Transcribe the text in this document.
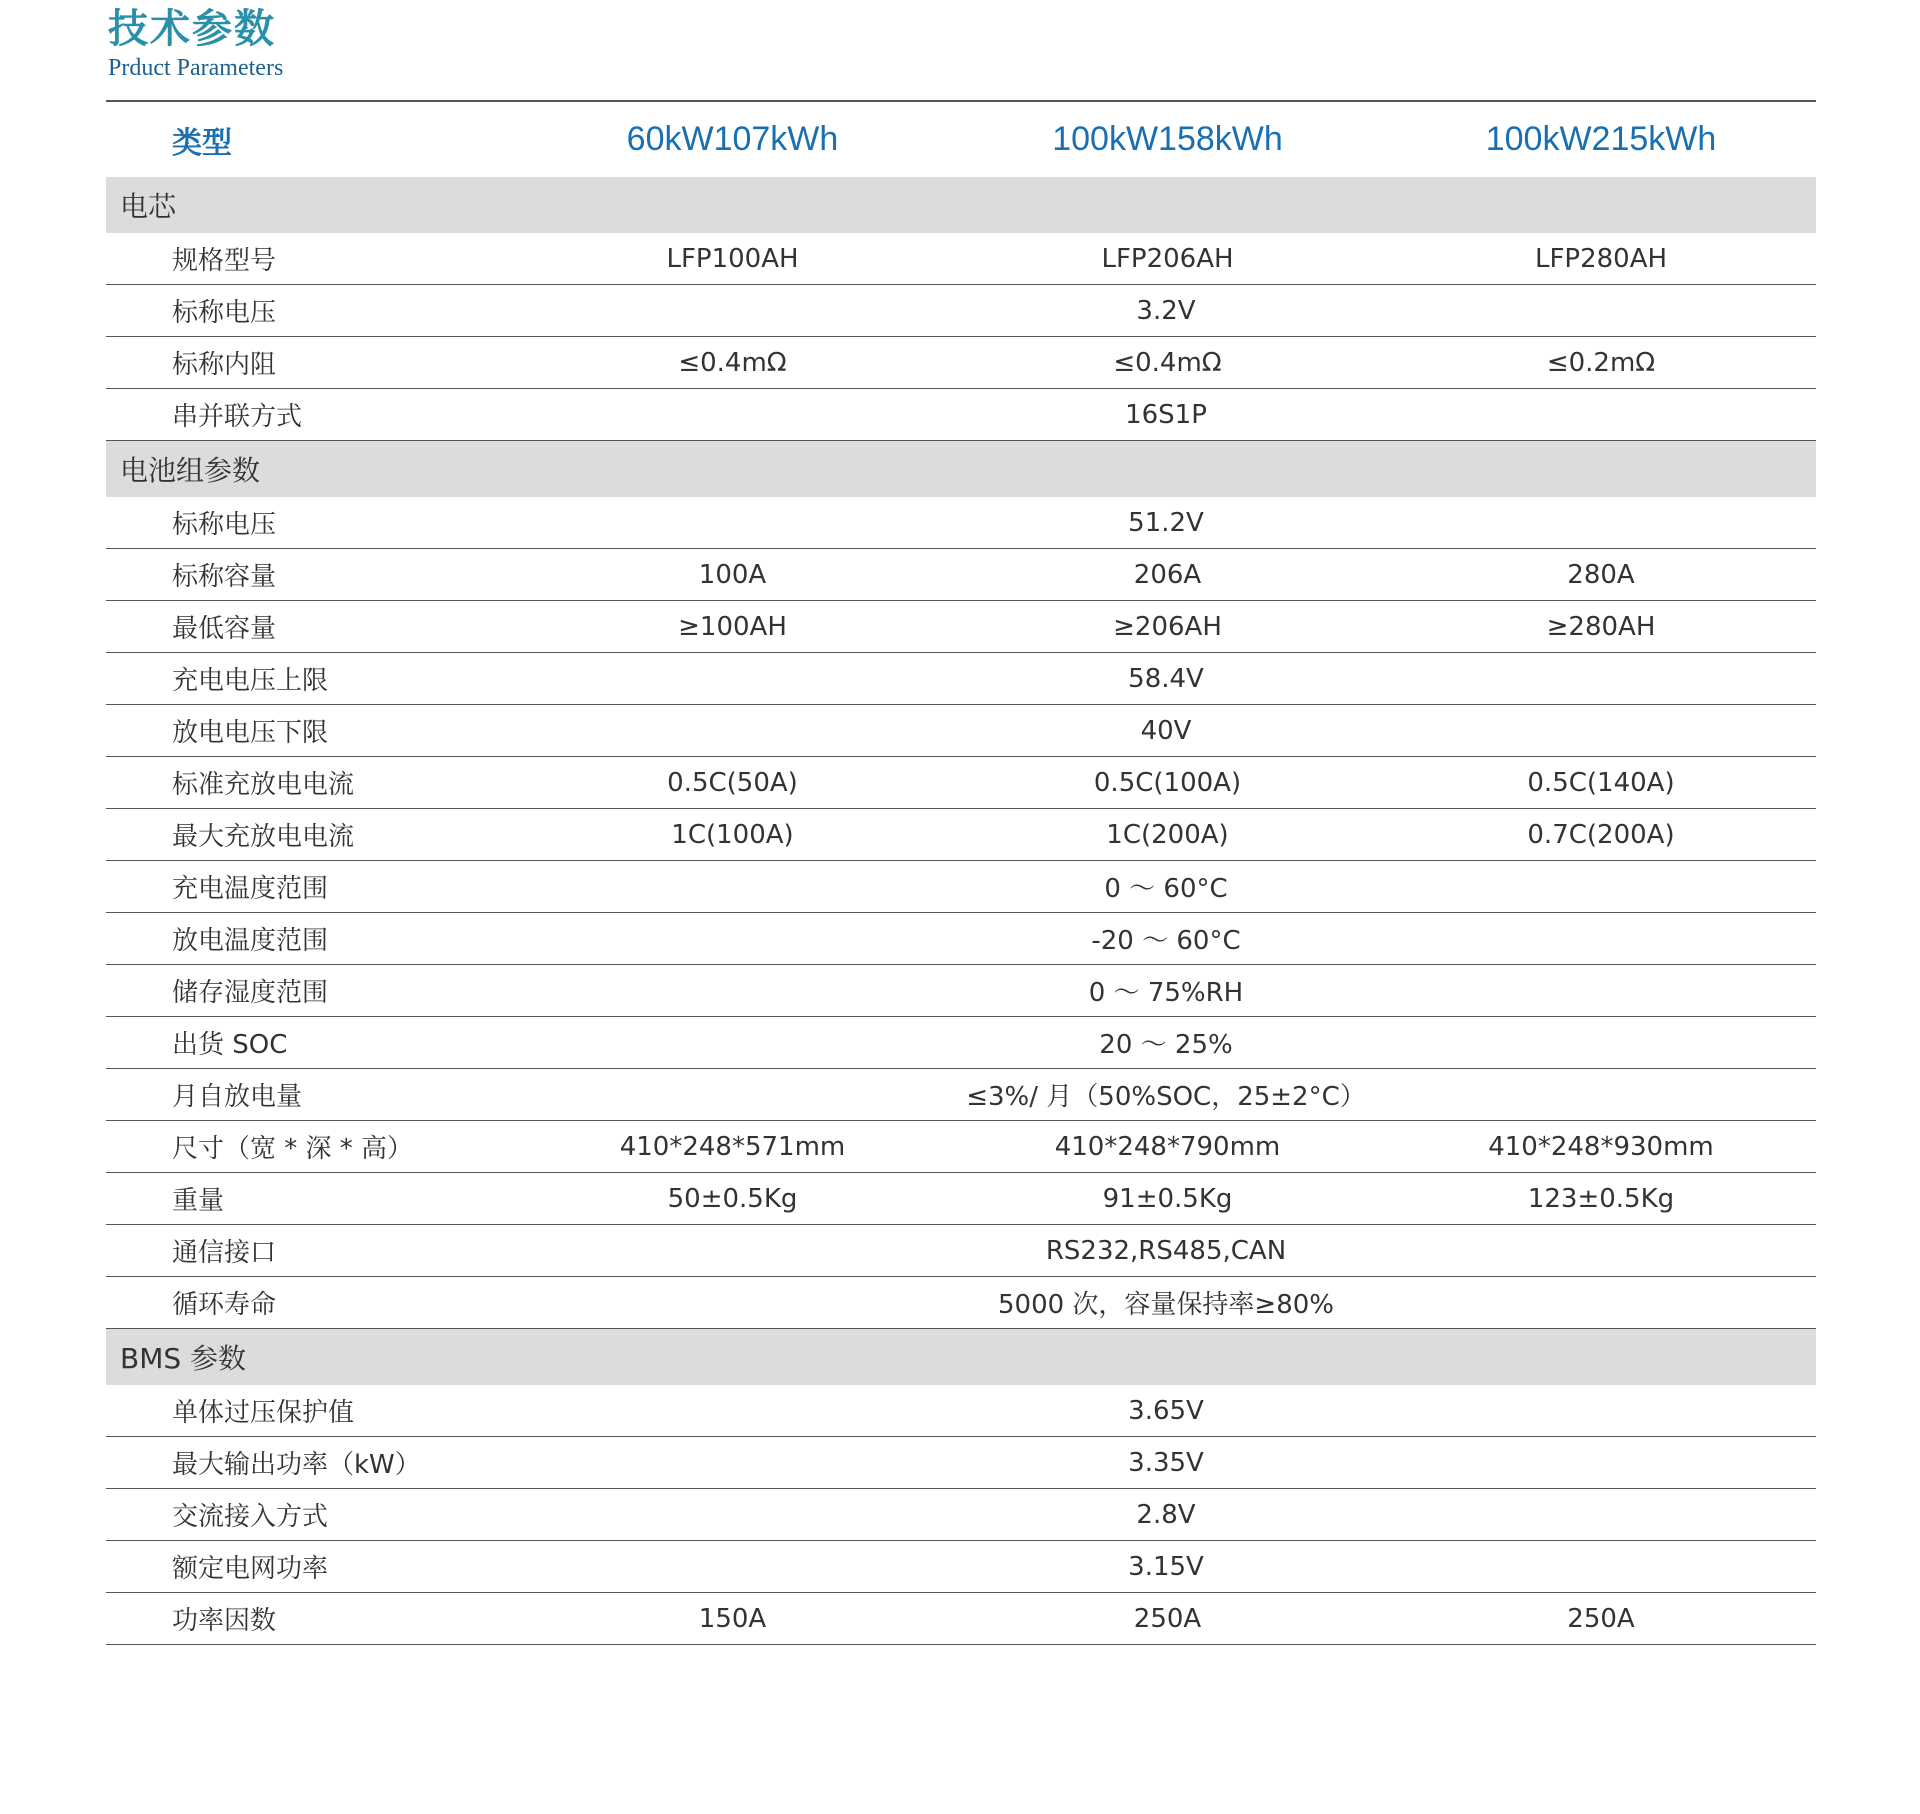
技术参数
Prduct Parameters
类型	60kW107kWh	100kW158kWh	100kW215kWh
电芯			
规格型号	LFP100AH	LFP206AH	LFP280AH
标称电压	3.2V		
标称内阻	≤0.4mΩ	≤0.4mΩ	≤0.2mΩ
串并联方式	16S1P		
电池组参数			
标称电压	51.2V		
标称容量	100A	206A	280A
最低容量	≥100AH	≥206AH	≥280AH
充电电压上限	58.4V		
放电电压下限	40V		
标准充放电电流	0.5C(50A)	0.5C(100A)	0.5C(140A)
最大充放电电流	1C(100A)	1C(200A)	0.7C(200A)
充电温度范围	0 ～ 60°C		
放电温度范围	-20 ～ 60°C		
储存湿度范围	0 ～ 75%RH		
出货 SOC	20 ～ 25%		
月自放电量	≤3%/ 月（50%SOC，25±2°C）		
尺寸（宽 * 深 * 高）	410*248*571mm	410*248*790mm	410*248*930mm
重量	50±0.5Kg	91±0.5Kg	123±0.5Kg
通信接口	RS232,RS485,CAN		
循环寿命	5000 次，容量保持率≥80%		
BMS 参数			
单体过压保护值	3.65V		
最大输出功率（kW）	3.35V		
交流接入方式	2.8V		
额定电网功率	3.15V		
功率因数	150A	250A	250A
